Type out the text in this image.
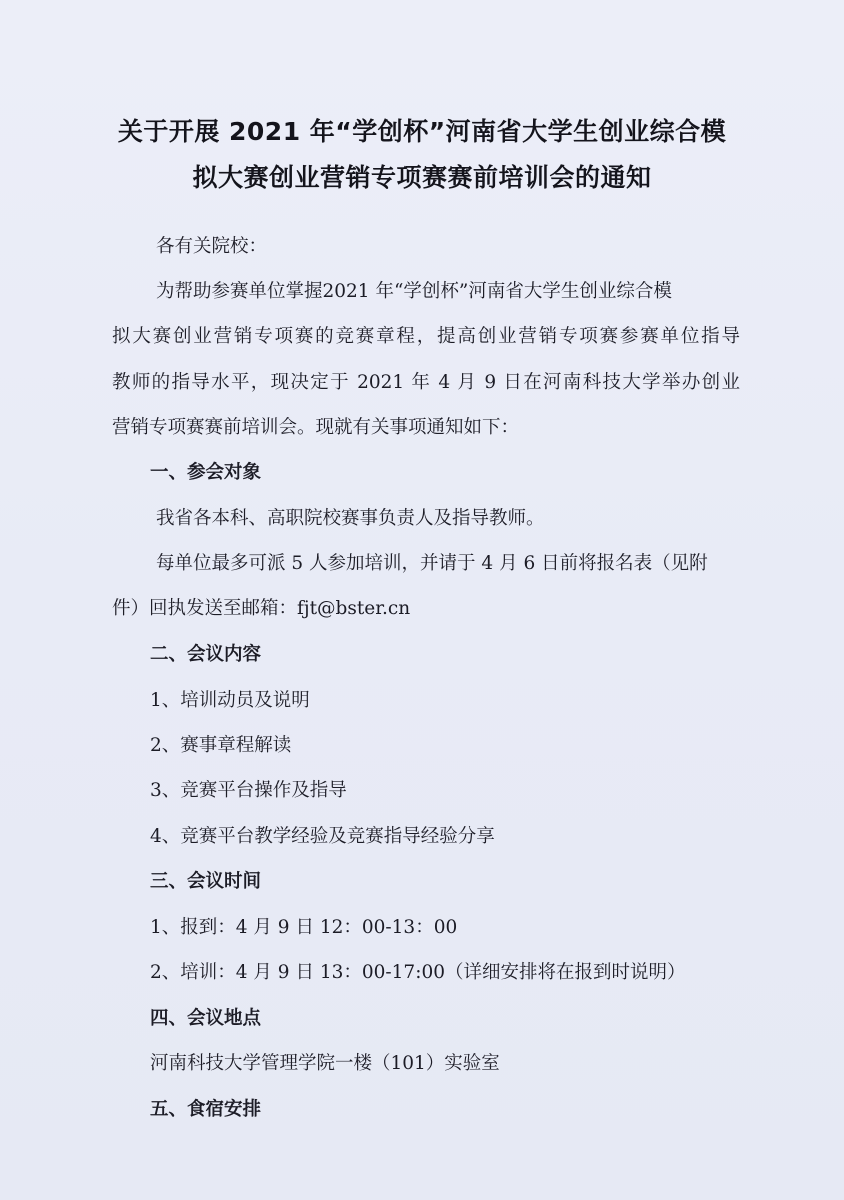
关于开展 2021 年“学创杯”河南省大学生创业综合模
拟大赛创业营销专项赛赛前培训会的通知
各有关院校：
为帮助参赛单位掌握2021 年“学创杯”河南省大学生创业综合模
拟大赛创业营销专项赛的竞赛章程，提高创业营销专项赛参赛单位指导
教师的指导水平，现决定于 2021 年 4 月 9 日在河南科技大学举办创业
营销专项赛赛前培训会。现就有关事项通知如下：
一、参会对象
我省各本科、高职院校赛事负责人及指导教师。
每单位最多可派 5 人参加培训，并请于 4 月 6 日前将报名表（见附
件）回执发送至邮箱：fjt@bster.cn
二、会议内容
1、培训动员及说明
2、赛事章程解读
3、竞赛平台操作及指导
4、竞赛平台教学经验及竞赛指导经验分享
三、会议时间
1、报到：4 月 9 日 12：00-13：00
2、培训：4 月 9 日 13：00-17:00（详细安排将在报到时说明）
四、会议地点
河南科技大学管理学院一楼（101）实验室
五、食宿安排
